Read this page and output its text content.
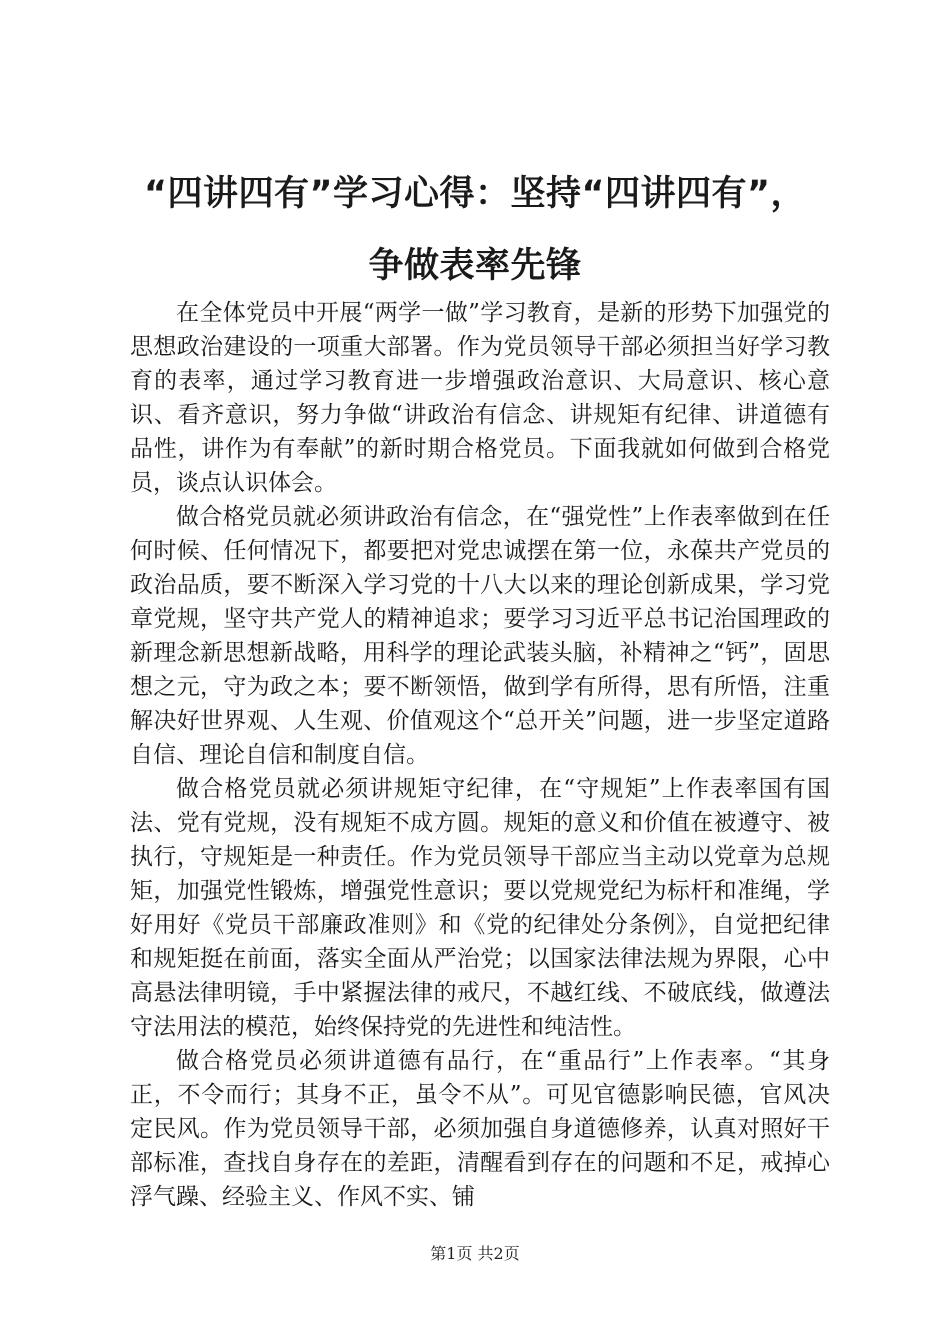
“四讲四有”学习心得：坚持“四讲四有”，
争做表率先锋

在全体党员中开展“两学一做”学习教育，是新的形势下加强党的思想政治建设的一项重大部署。作为党员领导干部必须担当好学习教育的表率，通过学习教育进一步增强政治意识、大局意识、核心意识、看齐意识，努力争做“讲政治有信念、讲规矩有纪律、讲道德有品性，讲作为有奉献”的新时期合格党员。下面我就如何做到合格党员，谈点认识体会。

做合格党员就必须讲政治有信念，在“强党性”上作表率做到在任何时候、任何情况下，都要把对党忠诚摆在第一位，永葆共产党员的政治品质，要不断深入学习党的十八大以来的理论创新成果，学习党章党规，坚守共产党人的精神追求；要学习习近平总书记治国理政的新理念新思想新战略，用科学的理论武装头脑，补精神之“钙”，固思想之元，守为政之本；要不断领悟，做到学有所得，思有所悟，注重解决好世界观、人生观、价值观这个“总开关”问题，进一步坚定道路自信、理论自信和制度自信。

做合格党员就必须讲规矩守纪律，在“守规矩”上作表率国有国法、党有党规，没有规矩不成方圆。规矩的意义和价值在被遵守、被执行，守规矩是一种责任。作为党员领导干部应当主动以党章为总规矩，加强党性锻炼，增强党性意识；要以党规党纪为标杆和准绳，学好用好《党员干部廉政准则》和《党的纪律处分条例》，自觉把纪律和规矩挺在前面，落实全面从严治党；以国家法律法规为界限，心中高悬法律明镜，手中紧握法律的戒尺，不越红线、不破底线，做遵法守法用法的模范，始终保持党的先进性和纯洁性。

做合格党员必须讲道德有品行，在“重品行”上作表率。“其身正，不令而行；其身不正，虽令不从”。可见官德影响民德，官风决定民风。作为党员领导干部，必须加强自身道德修养，认真对照好干部标准，查找自身存在的差距，清醒看到存在的问题和不足，戒掉心浮气躁、经验主义、作风不实、铺

第1页 共2页
